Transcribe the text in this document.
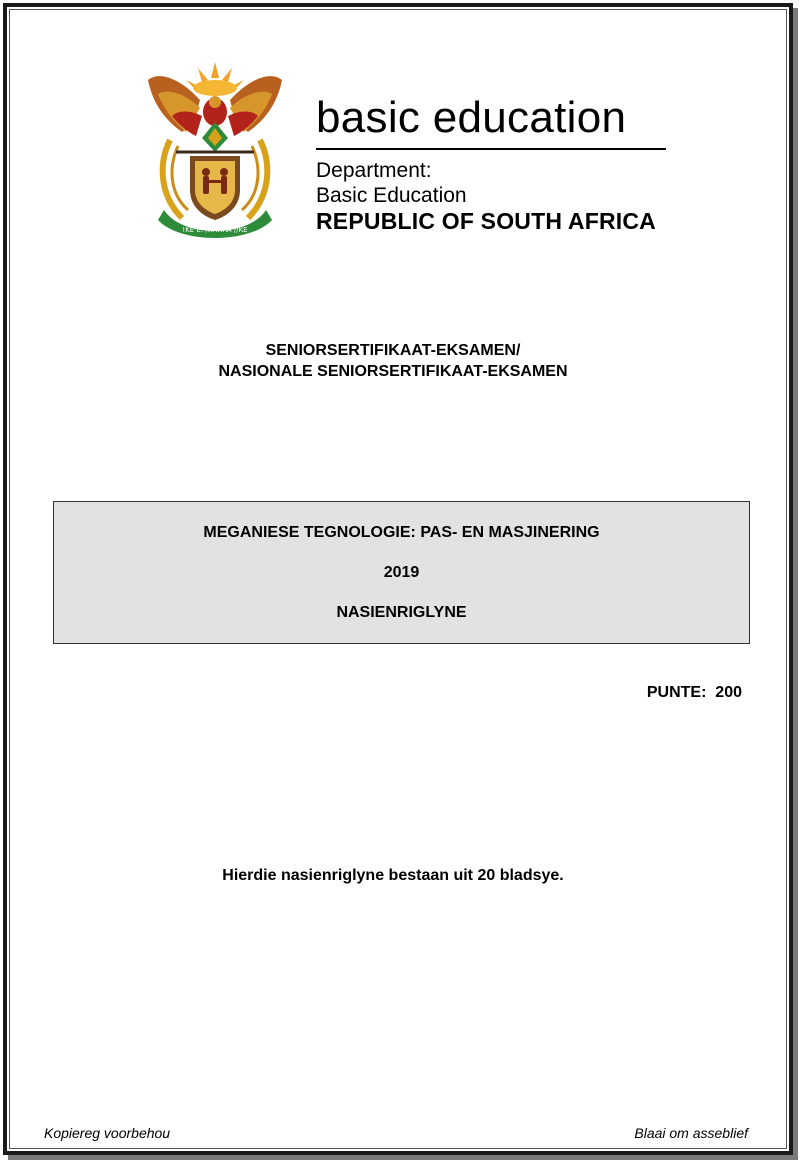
!KE E: /XARRA //KE
basic education
Department:
Basic Education
REPUBLIC OF SOUTH AFRICA
SENIORSERTIFIKAAT-EKSAMEN/
NASIONALE SENIORSERTIFIKAAT-EKSAMEN
MEGANIESE TEGNOLOGIE: PAS- EN MASJINERING
2019
NASIENRIGLYNE
PUNTE:  200
Hierdie nasienriglyne bestaan uit 20 bladsye.
Kopiereg voorbehou	Blaai om asseblief
